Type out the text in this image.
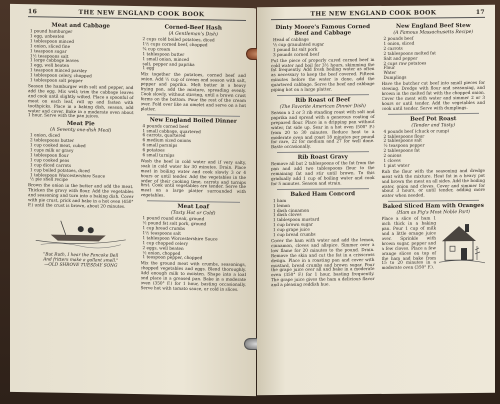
16	THE NEW ENGLAND COOK BOOK
Meat and Cabbage
1 pound hamburger
1 egg, unbeaten
1 tablespoon minced
1 onion, sliced fine
1 teaspoon sugar
1½ teaspoons salt
1 large cabbage leaves
1 egg, well beaten
1 teaspoon minced parsley
1 tablespoon celery, chopped
1 tablespoon salt pepper

Season the hamburger with salt and pepper, and add the egg. Mix well; trim the cabbage leaves and cook until slightly wilted. Place a spoonful of meat on each leaf, roll up and fasten with toothpicks. Place in a baking dish, season, add water and cover. Bake in a moderate oven about 1 hour. Serve with the pan juices.

Meat Pie
(A Seventy one-dish Meal)
1 onion, diced
2 tablespoons butter
1 cup cooked meat, cubed
1 cups milk or gravy
1 tablespoon flour
1 cup cooked peas
1 cup diced carrots
1 cup boiled potatoes, diced
1 tablespoon Worcestershire Sauce
½ pie shell recipe

Brown the onion in the butter and add the meat. Thicken the gravy with flour. Add the vegetables and seasoning and turn into a baking dish. Cover with pie crust, prick and bake in a hot oven (450° F.) until the crust is brown, about 20 minutes.

"But Ruth, I hear the Pancake Bell
And fritters make a gallant smell."
—OLD SHROVE TUESDAY SONG
Corned-Beef Hash
(A Gentleman's Dish)
2 cups cold boiled potatoes, diced
1½ cups corned beef, chopped
¾ cup cream
1 tablespoon butter
1 small onion, minced
salt, pepper and paprika
1 egg

Mix together the potatoes, corned beef and onion. Add ½ cup of cream and season with salt, pepper and paprika. Melt butter in a heavy frying pan, add the mixture, spreading evenly. Cook slowly, without stirring, until a brown crust forms on the bottom. Pour the rest of the cream over. Fold over like an omelet and serve on a hot platter.

New England Boiled Dinner
4 pounds corned beef
1 small cabbage, quartered
6 carrots, quartered
6 medium sized onions
6 small parsnips
6 potatoes
6 small turnips

Wash the beef in cold water and if very salty, soak in cold water for 30 minutes. Drain. Place meat in boiling water and cook slowly 3 or 4 hours or until tender. Add the vegetables in the order of their cooking time, carrots and turnips first. Cook until vegetables are tender. Serve the meat on a large platter surrounded with vegetables.

Meat Loaf
(Tasty Hot or Cold)
1 pound round steak, ground
½ pound fat salt pork, ground
1 cup bread crumbs
1½ teaspoons salt
1 tablespoon Worcestershire Sauce
1 cup chopped celery
2 eggs, well beaten
½ onion, chopped
1 teaspoon pepper, chopped

Mix the ground meat with crumbs, seasonings, chopped vegetables and eggs. Blend thoroughly. Add enough milk to moisten. Shape into a loaf and place in a greased pan. Bake in a moderate oven (350° F.) for 1 hour, basting occasionally. Serve hot with tomato sauce, or cold in slices.

THE NEW ENGLAND COOK BOOK	17
Dinty Moore's Famous Corned Beef and Cabbage
Head of cabbage
½ cup granulated sugar
1 pound fat salt pork
3 pounds corned beef

Put the piece of properly cured corned beef in cold water and boil for 3½ hours, skimming the fat frequently. Add fresh boiling water as often as necessary to keep the beef covered. Fifteen minutes before the water is done, add the quartered cabbage. Serve the beef and cabbage piping hot on a large platter.

Rib Roast of Beef
(The Favorite American Dinner Dish)

Season a 2 or 3 rib standing roast with salt and paprika and spread with a generous coating of prepared flour. Place in a dripping pan without water, fat side up. Sear in a hot oven (500° F.) from 20 to 30 minutes. Reduce heat to a moderate oven and roast 18 minutes per pound for rare, 22 for medium and 27 for well done. Baste occasionally.

Rib Roast Gravy

Remove all but 2 tablespoons of the fat from the pan and add two tablespoons flour to the remaining fat and stir until brown. To this gradually add 1 cup of boiling water and cook for 5 minutes. Season and strain.

Baked Ham Concord
1 ham
1 lemon
1 dash cinnamon
1 dash cloves
1 tablespoon mustard
1 cup brown sugar
1 cup grape juice
1 cup bread crumbs

Cover the ham with water and add the lemon, cinnamon, cloves and allspice. Simmer over a low flame for 20 minutes to the pound. Drain. Remove the skin and cut the fat in a crisscross design. Place in a roasting pan and cover with mustard, bread crumbs and brown sugar. Pour the grape juice over all and bake in a moderate oven (350° F.) for 1 hour, basting frequently. The grape juice gives the ham a delicious flavor and a pleasing reddish hue.

New England Beef Stew
(A Famous Massachusetts Recipe)
2 pounds beef
1 onion, sliced
2 carrots
2 tablespoons melted fat
Salt and pepper
2 cups raw potatoes
Flour
Water
Dumplings

Have the butcher cut beef into small pieces for stewing. Dredge with flour and seasoning, and brown in the melted fat with the chopped onion. Cover the meat with water and simmer 2 or 3 hours or until tender. Add the vegetables and cook until tender. Serve with dumplings.

Beef Pot Roast
(Tender and Tasty)
4 pounds beef (chuck or rump)
2 tablespoons flour
2 tablespoons salt
½ teaspoon pepper
2 tablespoons fat
2 onions
1 cloves
1 pint water

Rub the flour with the seasoning and dredge meat with the mixture. Heat fat in a heavy pot and brown the meat on all sides. Add the boiling water, onion and cloves. Cover and simmer for about 3 hours, or until tender, adding more water when needed.

Baked Sliced Ham with Oranges
(Ham as Pig's Most Noble Part)

Place a slice of ham 1 inch thick in a baking pan. Pour 1 cup of milk and a little orange juice over. Sprinkle with brown sugar, pepper and a few cloves. Place a few orange slices on top of the ham and bake from 15 to 20 minutes in a moderate oven (350° F.).
